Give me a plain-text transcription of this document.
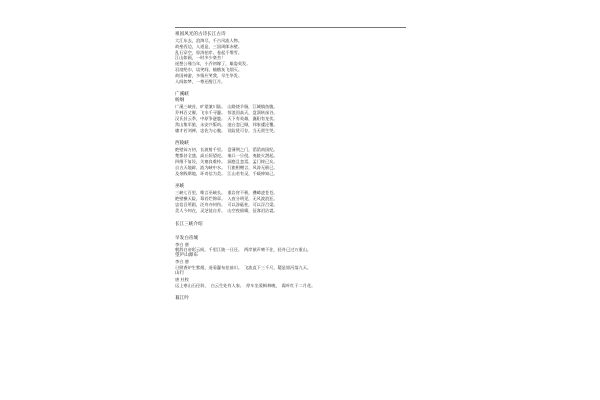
祖国风光的古诗长江古诗
大江东去，浪淘尽，千古风流人物。
故垒西边，人道是，三国周郎赤壁。
乱石穿空，惊涛拍岸，卷起千堆雪。
江山如画，一时多少豪杰！
遥想公瑾当年，小乔初嫁了，雄姿英发。
羽扇纶巾，谈笑间，樯橹灰飞烟灭。
故国神游，多情应笑我，早生华发。
人间如梦，一尊还酹江月。
广溪峡
杨炯
广溪三峡首，旷望兼川陆。　山路绕羊肠，江城镇鱼腹。
乔林百丈偃，飞水千寻瀑。　惊浪回高天，盘涡转深谷。
汉氏昔云季，中原争逐鹿。　天下有英雄，襄阳有龙伏。
常山集军旅，永安兴版筑。　池台忽已倾，邦家遽沦覆。
庸才若刘禅，忠佐为心腹。　设险犹可存，当无贾生哭。
西陵峡
绝壁耸万仞，长波射千里。　盘薄荆之门，滔滔南国纪。
楚都昔全盛，高丘烜望祀。　秦兵一旦侵，夷陵火潜起。
四维不复设，关塞良难恃。　洞庭且忽焉，孟门终已矣。
自古天地辟，流为峡中水。　行旅相赠言，风涛无极已。
及余践斯地，环奇信为美。　江山若有灵，千载伸知己。
巫峡
三峡七百里，唯言巫峡长。　重岩窅不极，叠嶂凌苍苍。
绝壁横天险，莓苔烂锦章。　入夜分明见，无风波浪狂。
忠信吾所蹈，泛舟亦何伤。　可以涉砥柱，可以浮吕梁。
美人今何在，灵芝徒自芳。　山空夜猿啸，征客泪沾裳。
长江三峡介绍
早发白帝城
李白 唐
朝辞白帝彩云间，千里江陵一日还。　两岸猿声啼不住，轻舟已过万重山。
望庐山瀑布
李白 唐
日照香炉生紫烟，遥看瀑布挂前川。　飞流直下三千尺，疑是银河落九天。
山行
唐 杜牧
远上寒山石径斜，　白云生处有人家。　停车坐爱枫林晚，　霜叶红于二月花。
暮江吟
